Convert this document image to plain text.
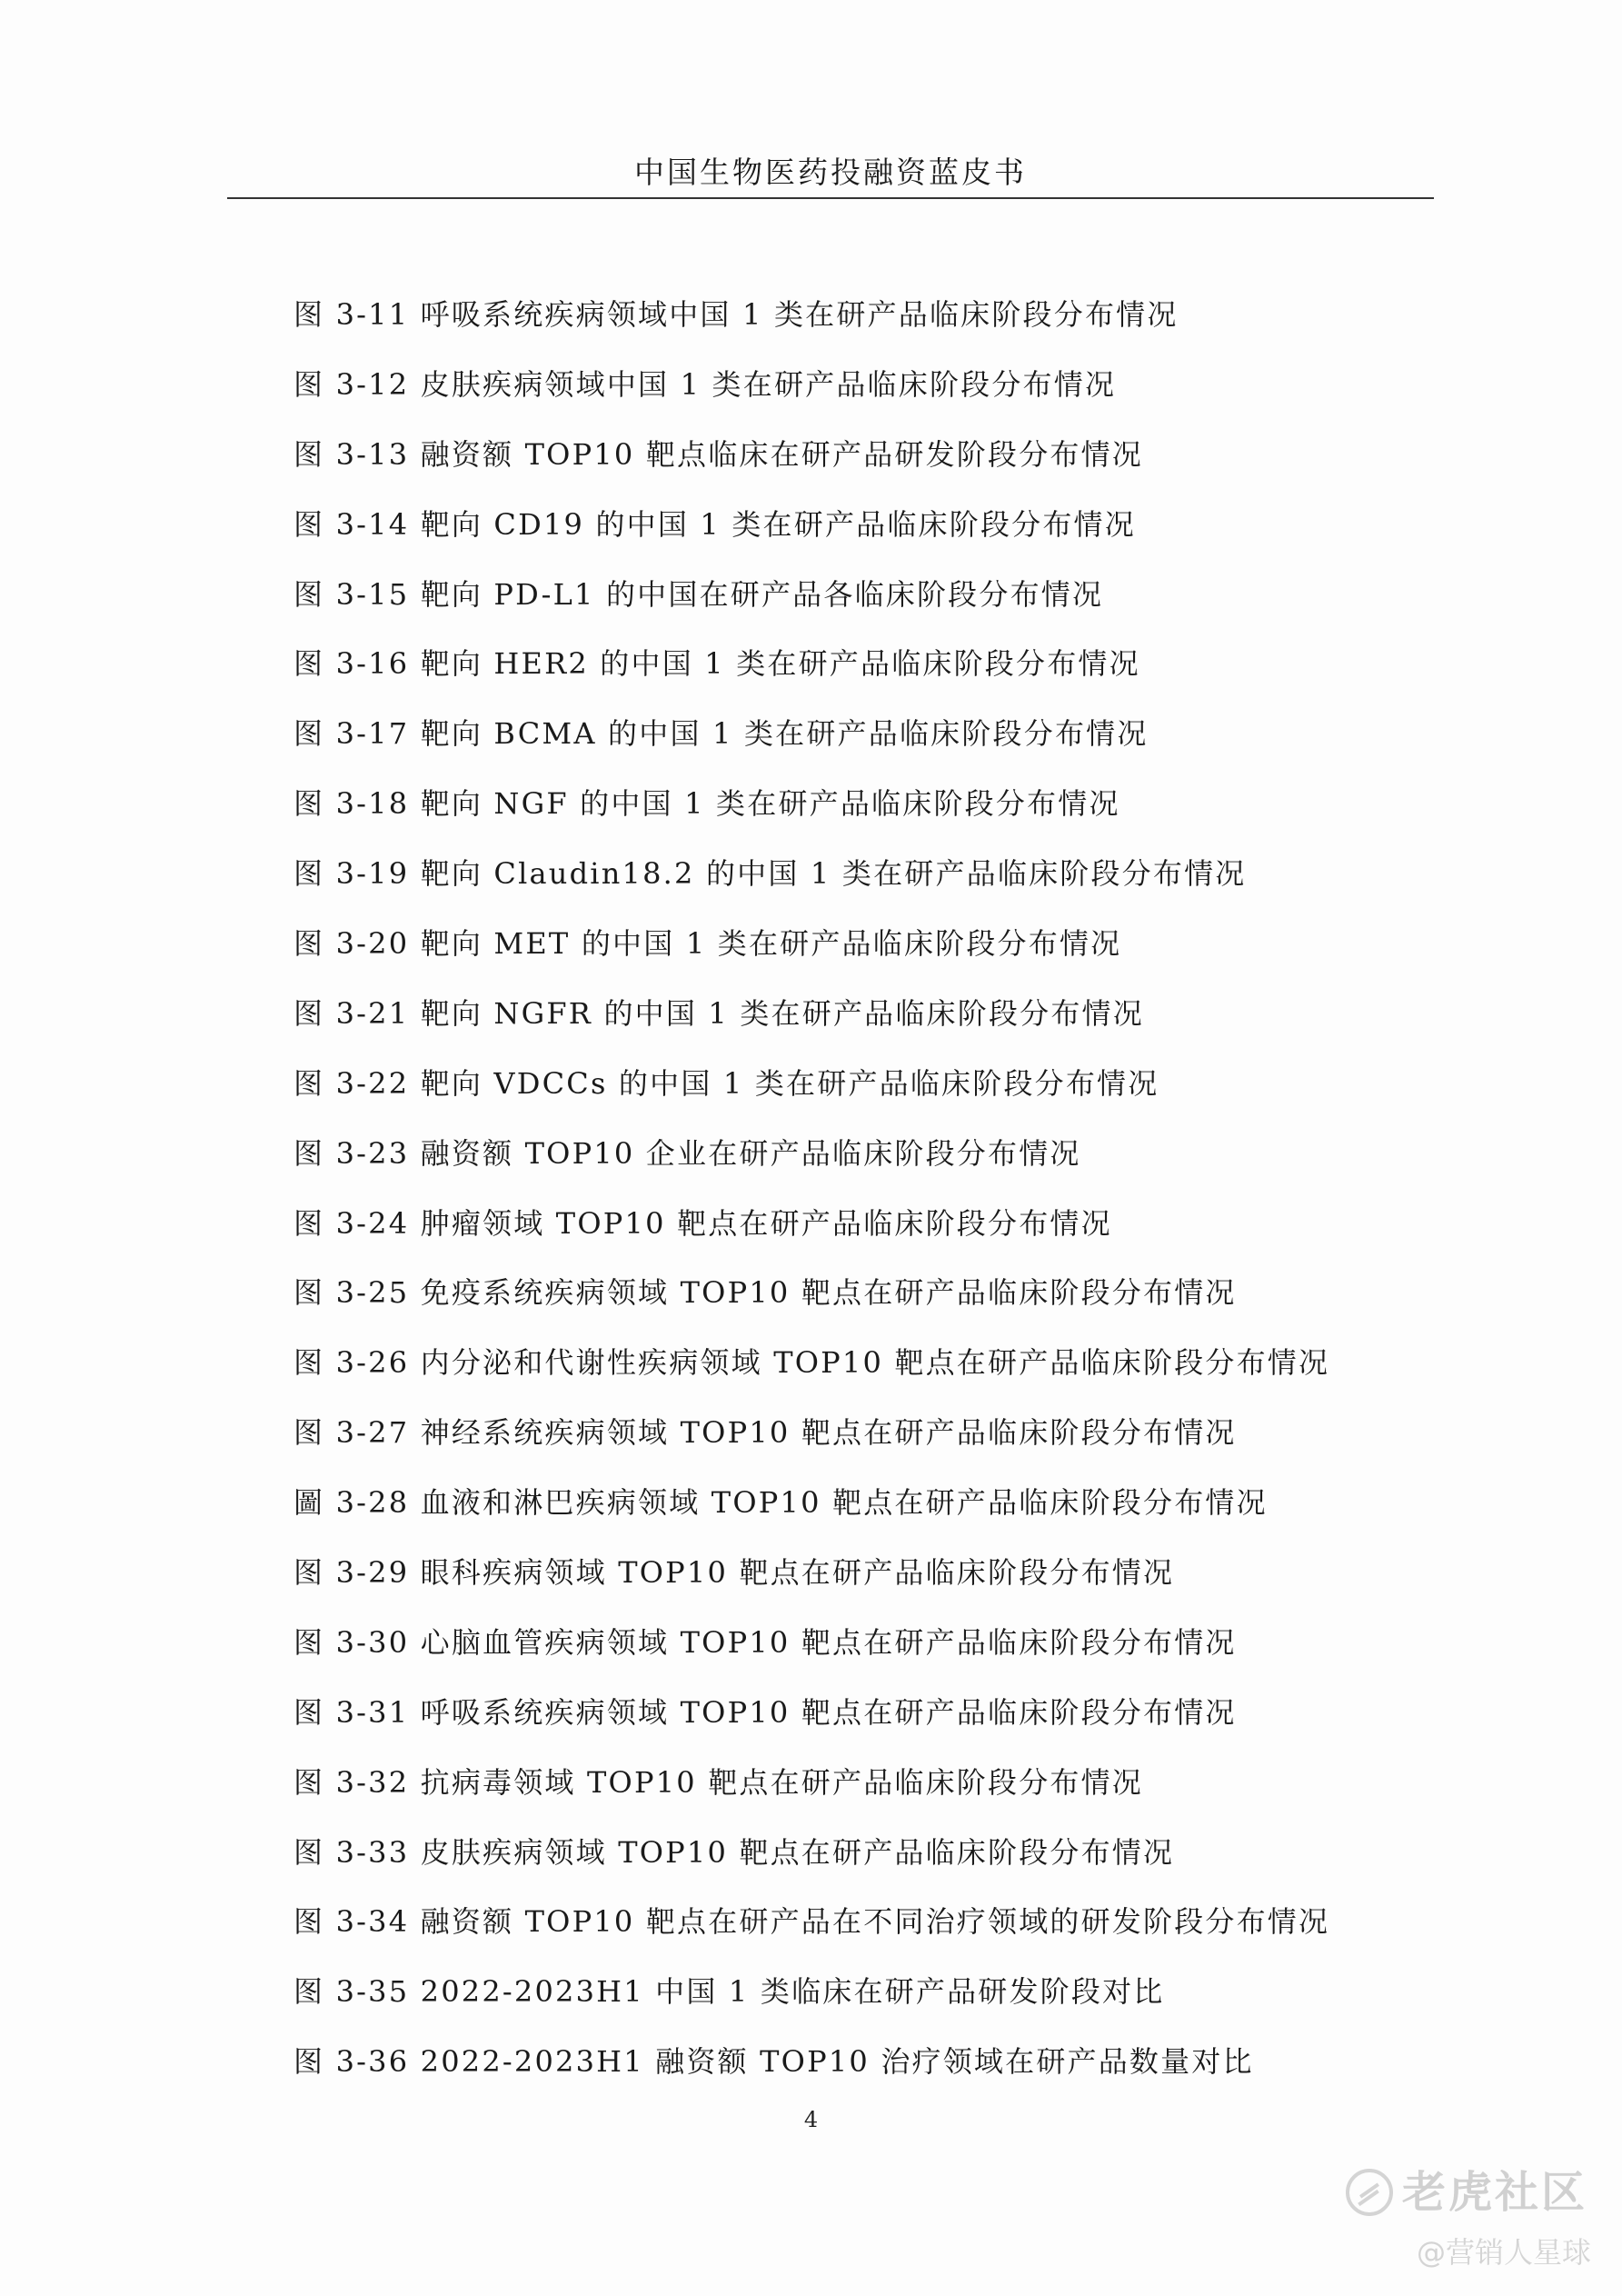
中国生物医药投融资蓝皮书
图 3-11 呼吸系统疾病领域中国 1 类在研产品临床阶段分布情况
图 3-12 皮肤疾病领域中国 1 类在研产品临床阶段分布情况
图 3-13 融资额 TOP10 靶点临床在研产品研发阶段分布情况
图 3-14 靶向 CD19 的中国 1 类在研产品临床阶段分布情况
图 3-15 靶向 PD-L1 的中国在研产品各临床阶段分布情况
图 3-16 靶向 HER2 的中国 1 类在研产品临床阶段分布情况
图 3-17 靶向 BCMA 的中国 1 类在研产品临床阶段分布情况
图 3-18 靶向 NGF 的中国 1 类在研产品临床阶段分布情况
图 3-19 靶向 Claudin18.2 的中国 1 类在研产品临床阶段分布情况
图 3-20 靶向 MET 的中国 1 类在研产品临床阶段分布情况
图 3-21 靶向 NGFR 的中国 1 类在研产品临床阶段分布情况
图 3-22 靶向 VDCCs 的中国 1 类在研产品临床阶段分布情况
图 3-23 融资额 TOP10 企业在研产品临床阶段分布情况
图 3-24 肿瘤领域 TOP10 靶点在研产品临床阶段分布情况
图 3-25 免疫系统疾病领域 TOP10 靶点在研产品临床阶段分布情况
图 3-26 内分泌和代谢性疾病领域 TOP10 靶点在研产品临床阶段分布情况
图 3-27 神经系统疾病领域 TOP10 靶点在研产品临床阶段分布情况
圖 3-28 血液和淋巴疾病领域 TOP10 靶点在研产品临床阶段分布情况
图 3-29 眼科疾病领域 TOP10 靶点在研产品临床阶段分布情况
图 3-30 心脑血管疾病领域 TOP10 靶点在研产品临床阶段分布情况
图 3-31 呼吸系统疾病领域 TOP10 靶点在研产品临床阶段分布情况
图 3-32 抗病毒领域 TOP10 靶点在研产品临床阶段分布情况
图 3-33 皮肤疾病领域 TOP10 靶点在研产品临床阶段分布情况
图 3-34 融资额 TOP10 靶点在研产品在不同治疗领域的研发阶段分布情况
图 3-35 2022-2023H1 中国 1 类临床在研产品研发阶段对比
图 3-36 2022-2023H1 融资额 TOP10 治疗领域在研产品数量对比
4
老虎社区
@营销人星球
